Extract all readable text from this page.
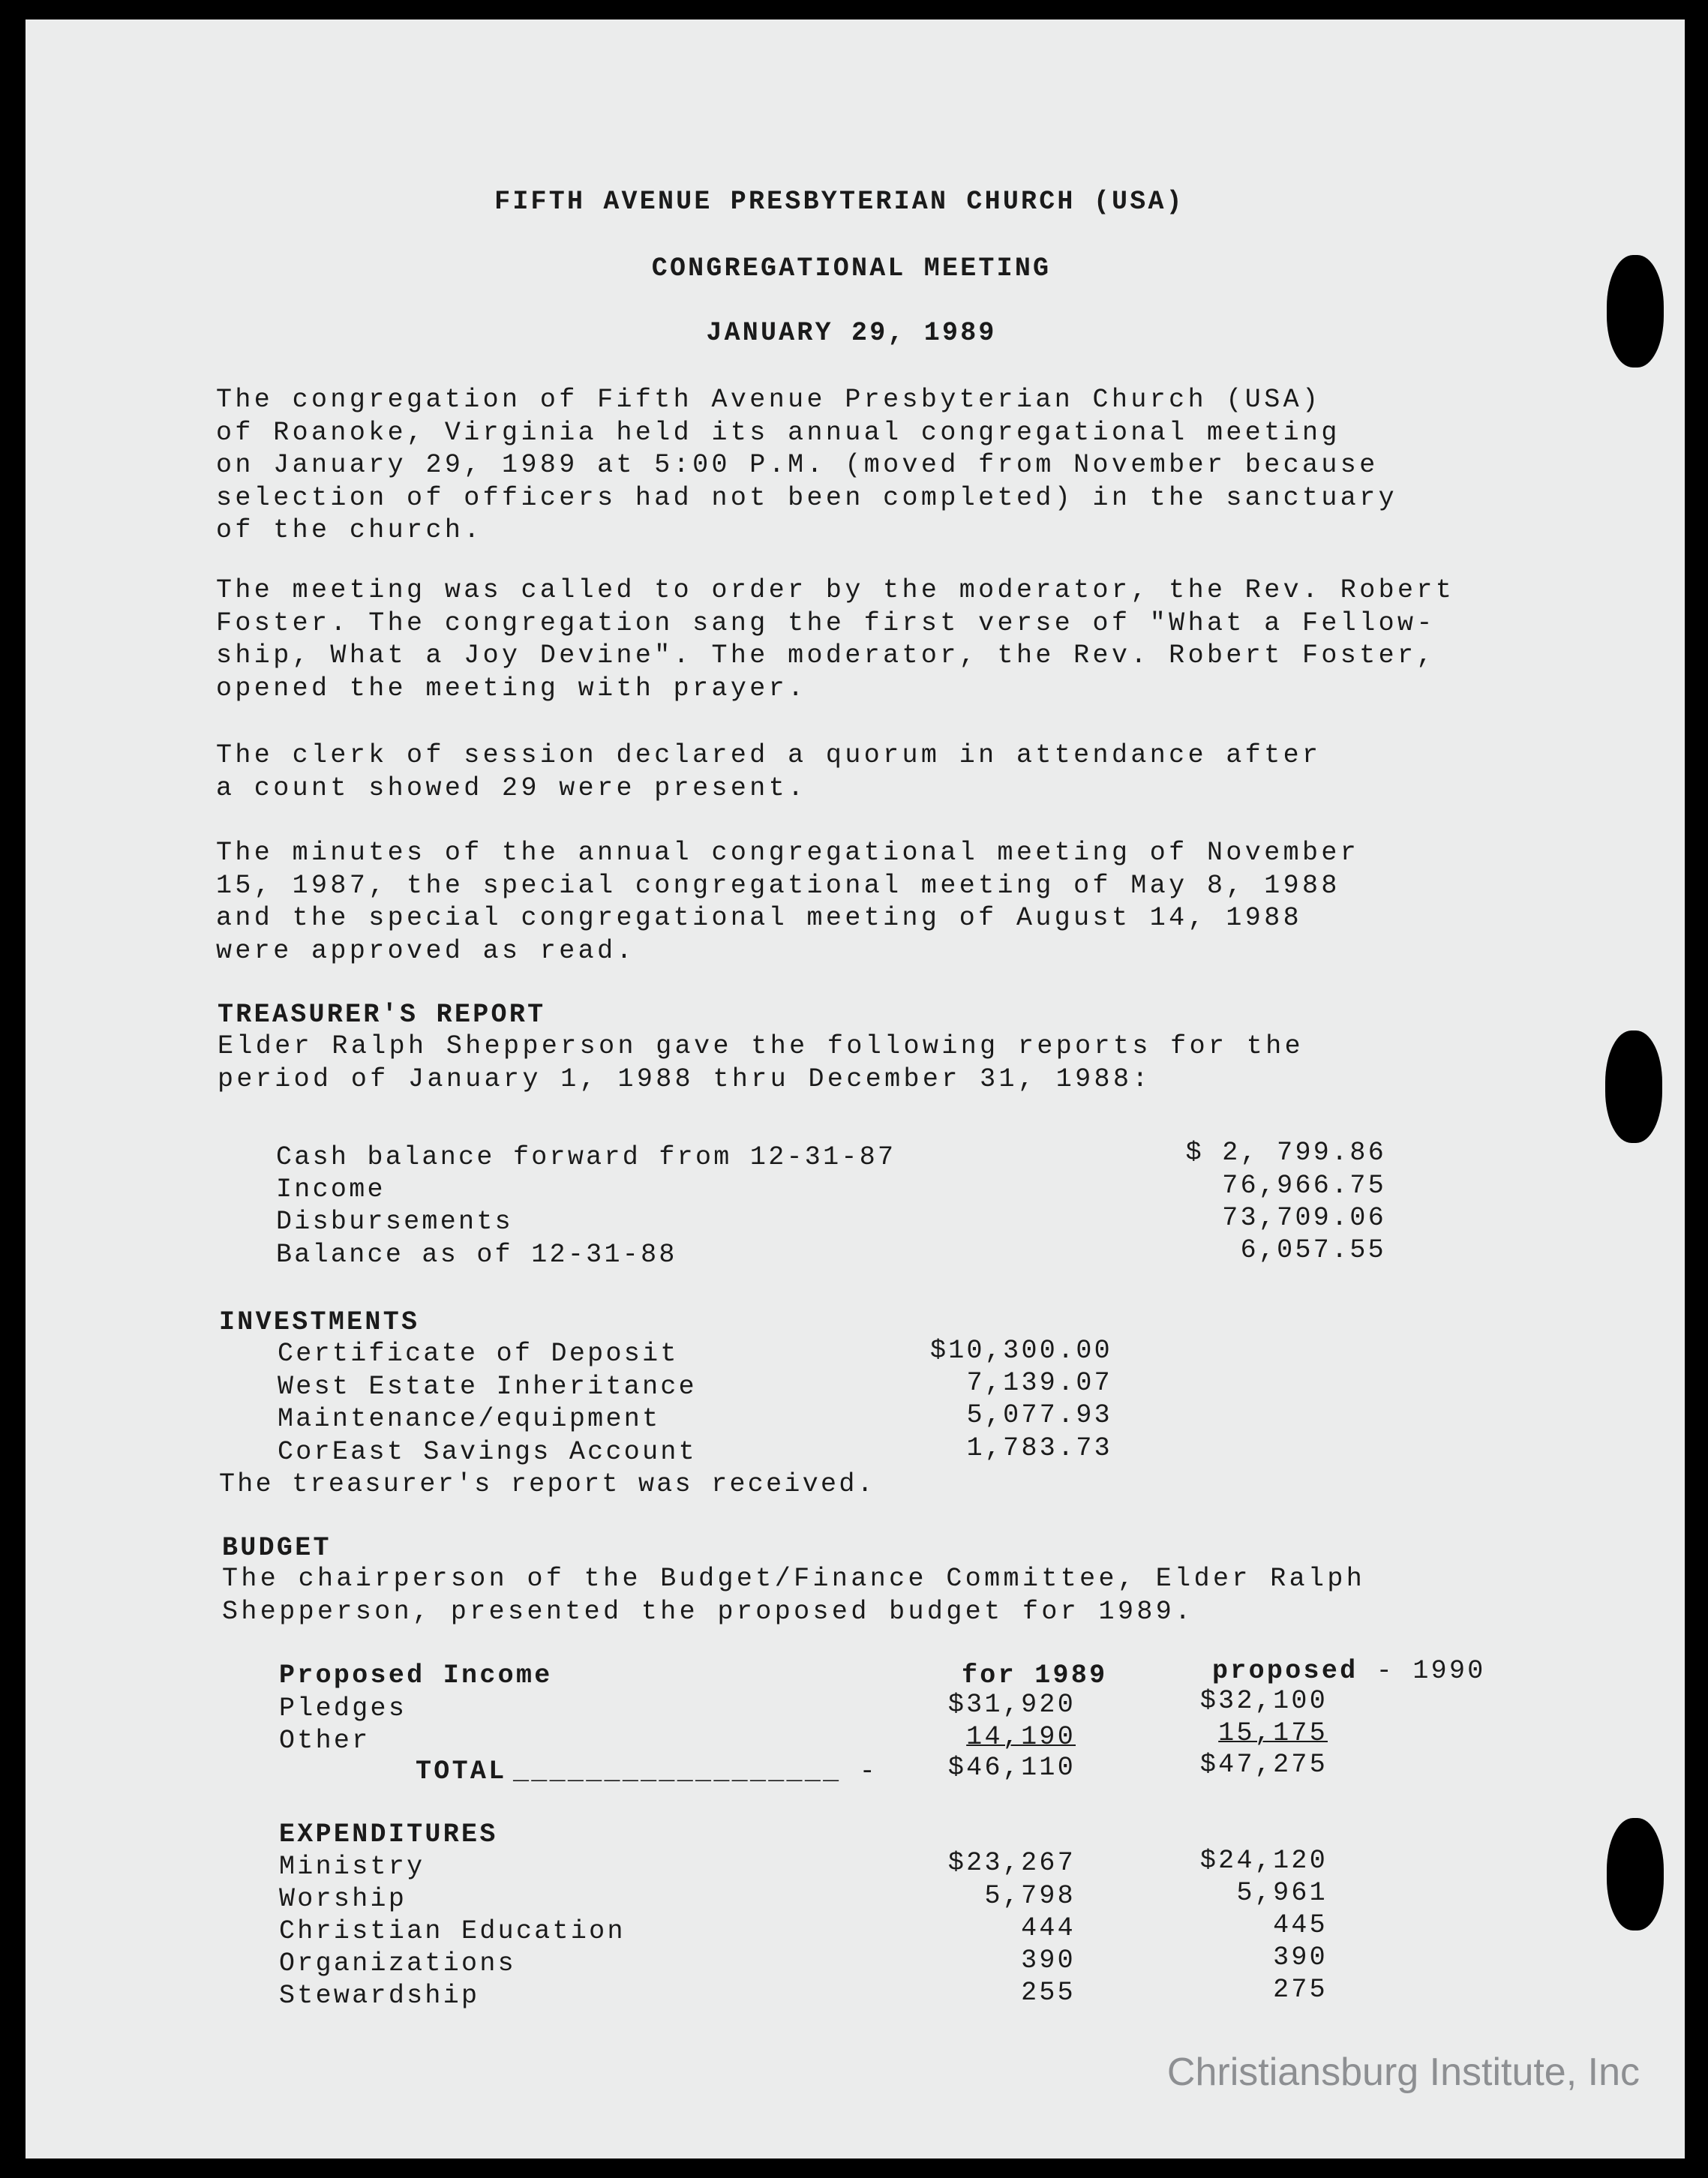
FIFTH AVENUE PRESBYTERIAN CHURCH (USA)
CONGREGATIONAL MEETING
JANUARY 29, 1989
The congregation of Fifth Avenue Presbyterian Church (USA)
of Roanoke, Virginia held its annual congregational meeting
on January 29, 1989 at 5:00 P.M. (moved from November because
selection of officers had not been completed) in the sanctuary
of the church.
The meeting was called to order by the moderator, the Rev. Robert
Foster. The congregation sang the first verse of "What a Fellow-
ship, What a Joy Devine". The moderator, the Rev. Robert Foster,
opened the meeting with prayer.
The clerk of session declared a quorum in attendance after
a count showed 29 were present.
The minutes of the annual congregational meeting of November
15, 1987, the special congregational meeting of May 8, 1988
and the special congregational meeting of August 14, 1988
were approved as read.
TREASURER'S REPORT
Elder Ralph Shepperson gave the following reports for the
period of January 1, 1988 thru December 31, 1988:
Cash balance forward from 12-31-87	$ 2, 799.86
Income	76,966.75
Disbursements	73,709.06
Balance as of 12-31-88	6,057.55
INVESTMENTS
Certificate of Deposit	$10,300.00
West Estate Inheritance	7,139.07
Maintenance/equipment	5,077.93
CorEast Savings Account	1,783.73
The treasurer's report was received.
BUDGET
The chairperson of the Budget/Finance Committee, Elder Ralph
Shepperson, presented the proposed budget for 1989.
Proposed Income	for 1989	proposed - 1990
Pledges	$31,920	$32,100
Other	14,190	15,175
TOTAL __________________ -	$46,110	$47,275
EXPENDITURES
Ministry	$23,267	$24,120
Worship	5,798	5,961
Christian Education	444	445
Organizations	390	390
Stewardship	255	275
Christiansburg Institute, Inc
